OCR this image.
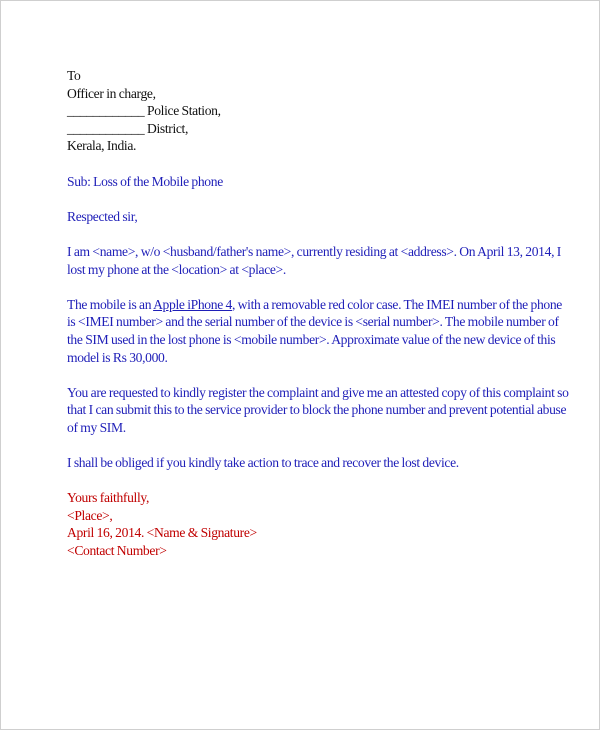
To
Officer in charge,
____________ Police Station,
____________ District,
Kerala, India.
Sub: Loss of the Mobile phone
Respected sir,
I am <name>, w/o <husband/father's name>, currently residing at <address>. On April 13, 2014, I
lost my phone at the <location> at <place>.
The mobile is an Apple iPhone 4, with a removable red color case. The IMEI number of the phone
is <IMEI number> and the serial number of the device is <serial number>. The mobile number of
the SIM used in the lost phone is <mobile number>. Approximate value of the new device of this
model is Rs 30,000.
You are requested to kindly register the complaint and give me an attested copy of this complaint so
that I can submit this to the service provider to block the phone number and prevent potential abuse
of my SIM.
I shall be obliged if you kindly take action to trace and recover the lost device.
Yours faithfully,
<Place>,
April 16, 2014. <Name & Signature>
<Contact Number>
